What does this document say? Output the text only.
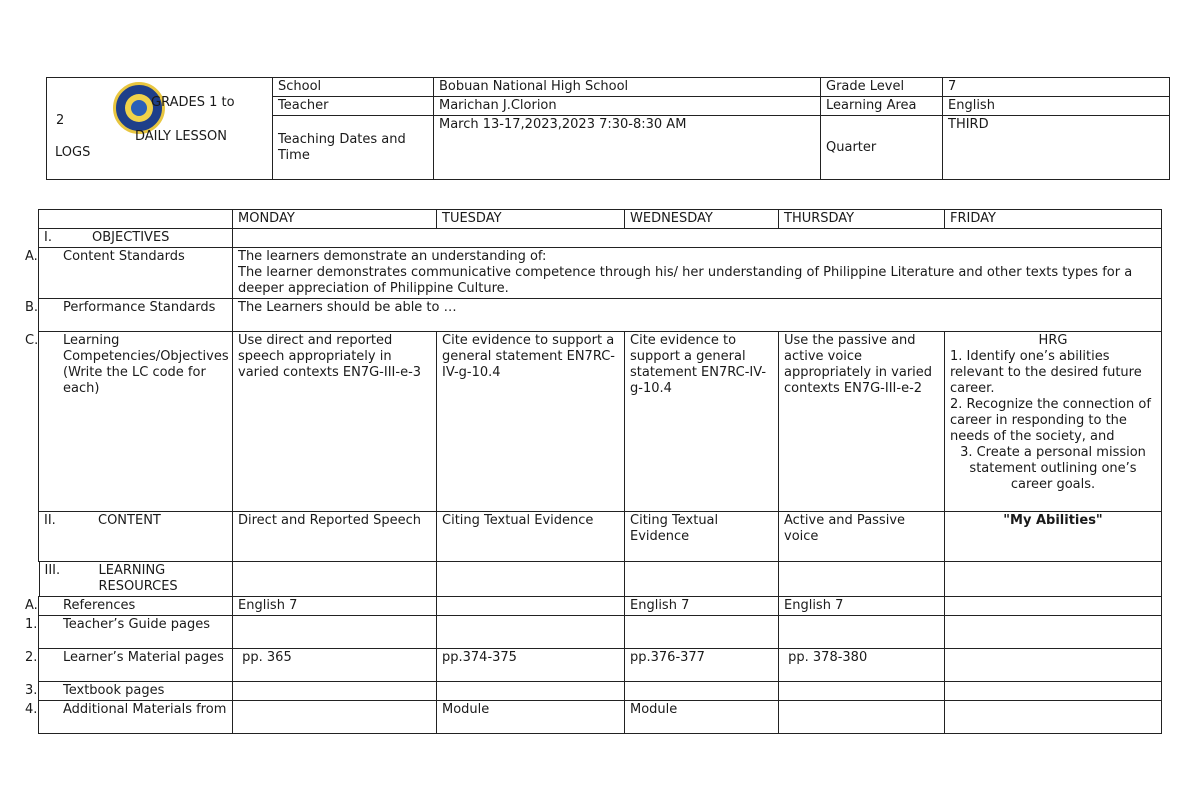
GRADES 1 to
2
DAILY LESSON
LOGS	School	Bobuan National High School	Grade Level	7
	Teacher	Marichan J.Clorion	Learning Area	English
	Teaching Dates and Time	March 13-17,2023,2023 7:30-8:30 AM	Quarter	THIRD
	MONDAY	TUESDAY	WEDNESDAY	THURSDAY	FRIDAY
I. OBJECTIVES					
A. Content Standards	The learners demonstrate an understanding of:
The learner demonstrates communicative competence through his/ her understanding of Philippine Literature and other texts types for a deeper appreciation of Philippine Culture.				

B. Performance Standards	The Learners should be able to …				
C. Learning Competencies/Objectives (Write the LC code for each)	Use direct and reported speech appropriately in varied contexts EN7G-III-e-3	Cite evidence to support a general statement EN7RC-IV-g-10.4	Cite evidence to support a general statement EN7RC-IV-g-10.4	Use the passive and active voice appropriately in varied contexts EN7G-III-e-2	HRG
1. Identify one’s abilities relevant to the desired future career.
2. Recognize the connection of career in responding to the needs of the society, and
3. Create a personal mission statement outlining one’s career goals.

II. CONTENT	Direct and Reported Speech	Citing Textual Evidence	Citing Textual Evidence	Active and Passive voice	"My Abilities"

III.	LEARNING RESOURCES

A. References	English 7		English 7	English 7	
1. Teacher’s Guide pages					
2. Learner’s Material pages	pp. 365	pp.374-375	pp.376-377	pp. 378-380	
3. Textbook pages					
4. Additional Materials from		Module	Module		
